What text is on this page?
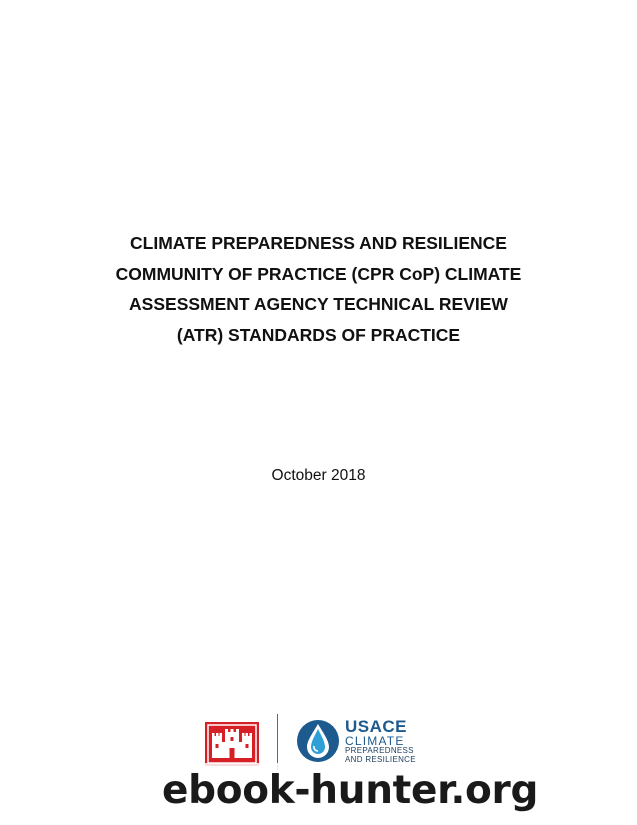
CLIMATE PREPAREDNESS AND RESILIENCE
COMMUNITY OF PRACTICE (CPR CoP) CLIMATE
ASSESSMENT AGENCY TECHNICAL REVIEW
(ATR) STANDARDS OF PRACTICE
October 2018
USACE
CLIMATE
PREPAREDNESS
AND RESILIENCE
ebook-hunter.org
